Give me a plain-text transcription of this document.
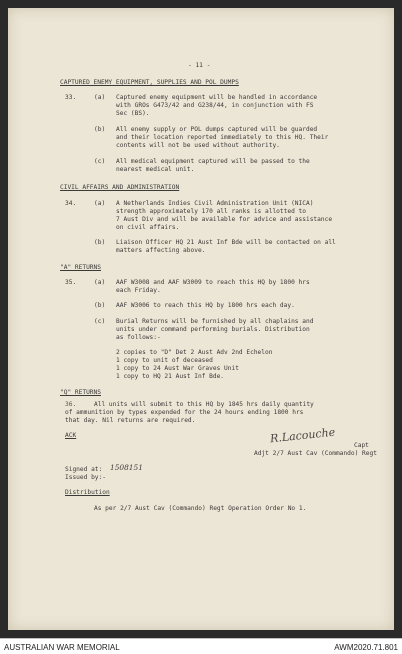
- 11 -
CAPTURED ENEMY EQUIPMENT, SUPPLIES AND POL DUMPS
33.	(a) Captured enemy equipment will be handled in accordance
with GROs G473/42 and G238/44, in conjunction with FS
Sec (BS).
(b) All enemy supply or POL dumps captured will be guarded
and their location reported immediately to this HQ. Their
contents will not be used without authority.
(c) All medical equipment captured will be passed to the
nearest medical unit.
CIVIL AFFAIRS AND ADMINISTRATION
34.	(a) A Netherlands Indies Civil Administration Unit (NICA)
strength approximately 170 all ranks is allotted to
7 Aust Div and will be available for advice and assistance
on civil affairs.
(b) Liaison Officer HQ 21 Aust Inf Bde will be contacted on all
matters affecting above.
"A" RETURNS
35.	(a) AAF W3008 and AAF W3009 to reach this HQ by 1800 hrs
each Friday.
(b) AAF W3006 to reach this HQ by 1800 hrs each day.
(c) Burial Returns will be furnished by all chaplains and
units under command performing burials. Distribution
as follows:-
2 copies to "D" Det 2 Aust Adv 2nd Echelon
1 copy to unit of deceased
1 copy to 24 Aust War Graves Unit
1 copy to HQ 21 Aust Inf Bde.
"Q" RETURNS
36.	All units will submit to this HQ by 1845 hrs daily quantity
of ammunition by types expended for the 24 hours ending 1800 hrs
that day. Nil returns are required.
ACK	R.Lacouche
Capt
Adjt 2/7 Aust Cav (Commando) Regt
Signed at: 1508151
Issued by:-
Distribution
As per 2/7 Aust Cav (Commando) Regt Operation Order No 1.
AUSTRALIAN WAR MEMORIAL	AWM2020.71.801
